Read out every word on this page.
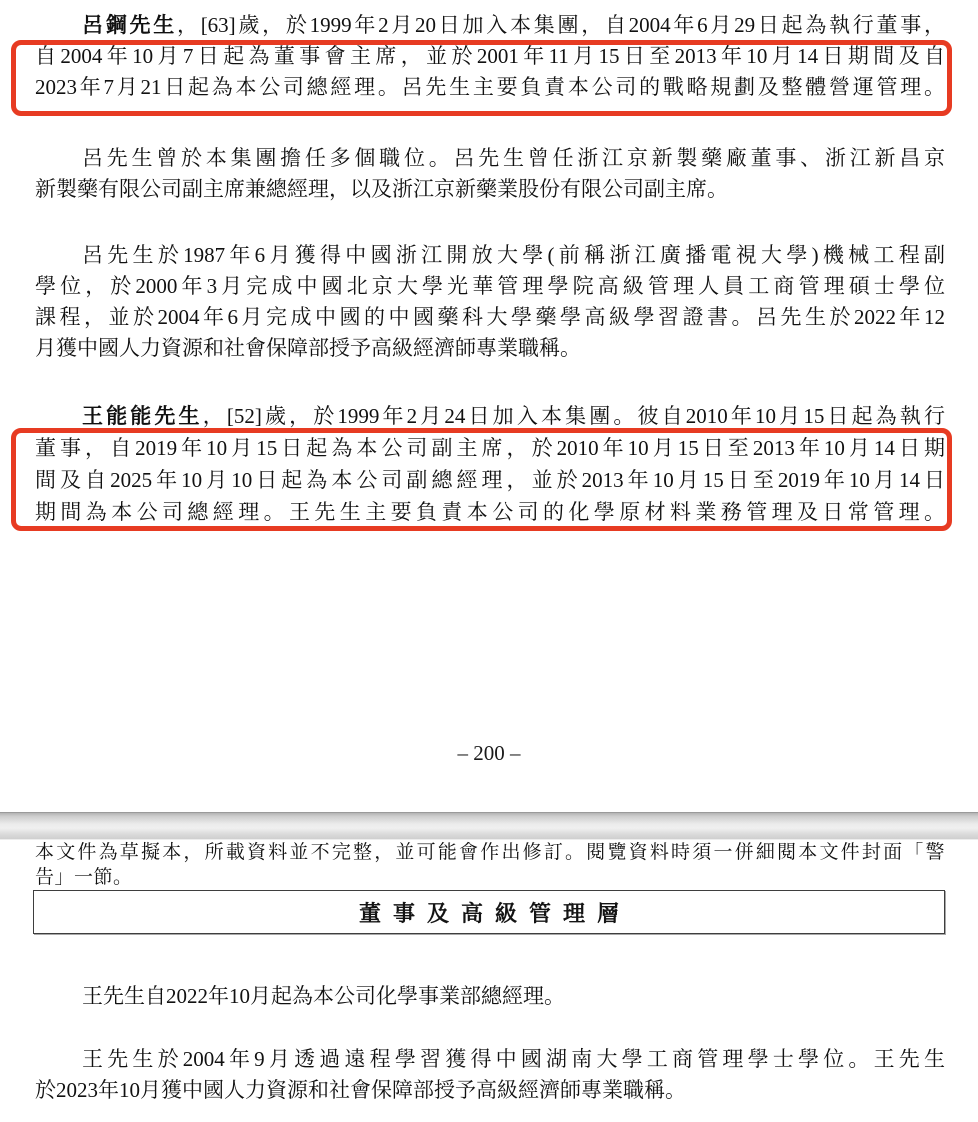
呂鋼先生，[63]歲，於1999年2月20日加入本集團，自2004年6月29日起為執行董事，
自2004年10月7日起為董事會主席，並於2001年11月15日至2013年10月14日期間及自
2023年7月21日起為本公司總經理。呂先生主要負責本公司的戰略規劃及整體營運管理。
呂先生曾於本集團擔任多個職位。呂先生曾任浙江京新製藥廠董事、浙江新昌京
新製藥有限公司副主席兼總經理，以及浙江京新藥業股份有限公司副主席。
呂先生於1987年6月獲得中國浙江開放大學(前稱浙江廣播電視大學)機械工程副
學位，於2000年3月完成中國北京大學光華管理學院高級管理人員工商管理碩士學位
課程，並於2004年6月完成中國的中國藥科大學藥學高級學習證書。呂先生於2022年12
月獲中國人力資源和社會保障部授予高級經濟師專業職稱。
王能能先生，[52]歲，於1999年2月24日加入本集團。彼自2010年10月15日起為執行
董事，自2019年10月15日起為本公司副主席，於2010年10月15日至2013年10月14日期
間及自2025年10月10日起為本公司副總經理，並於2013年10月15日至2019年10月14日
期間為本公司總經理。王先生主要負責本公司的化學原材料業務管理及日常管理。
– 200 –
本文件為草擬本，所載資料並不完整，並可能會作出修訂。閱覽資料時須一併細閱本文件封面「警
告」一節。
董事及高級管理層
王先生自2022年10月起為本公司化學事業部總經理。
王先生於2004年9月透過遠程學習獲得中國湖南大學工商管理學士學位。王先生
於2023年10月獲中國人力資源和社會保障部授予高級經濟師專業職稱。
